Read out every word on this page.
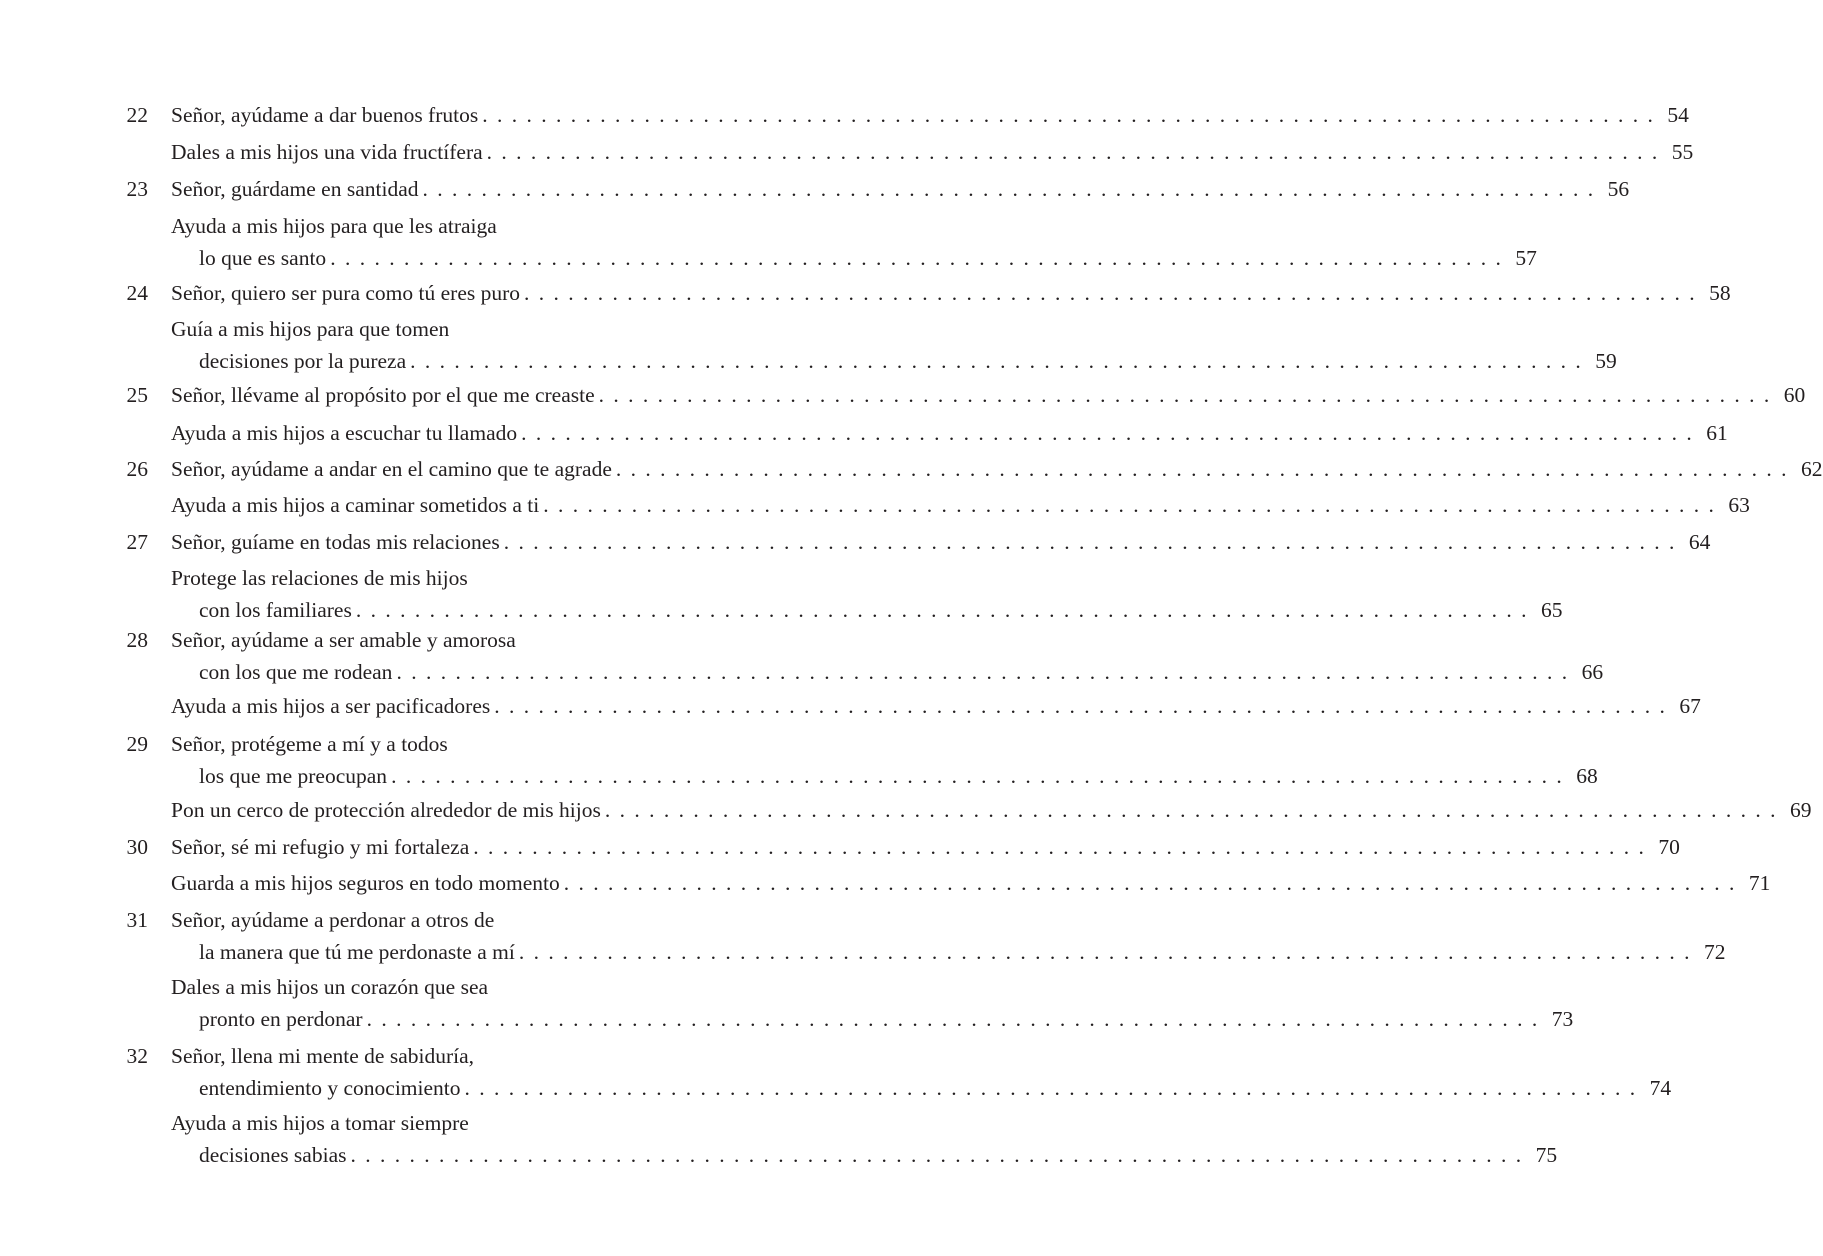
22 Señor, ayúdame a dar buenos frutos . . . . . . . . . . . . . . . . . . . . . . . . . . . . . . . . . . . . . . . . . . . . . . . . . . . . . . . . . . . . . . . . . . . . . . . . . . . . . . . . 54
Dales a mis hijos una vida fructífera . . . . . . . . . . . . . . . . . . . . . . . . . . . . . . . . . . . . . . . . . . . . . . . . . . . . . . . . . . . . . . . . . . . . . . . . . . . . . . . . 55
23 Señor, guárdame en santidad . . . . . . . . . . . . . . . . . . . . . . . . . . . . . . . . . . . . . . . . . . . . . . . . . . . . . . . . . . . . . . . . . . . . . . . . . . . . . . . . 56
Ayuda a mis hijos para que les atraiga
lo que es santo . . . . . . . . . . . . . . . . . . . . . . . . . . . . . . . . . . . . . . . . . . . . . . . . . . . . . . . . . . . . . . . . . . . . . . . . . . . . . . . . 57
24 Señor, quiero ser pura como tú eres puro . . . . . . . . . . . . . . . . . . . . . . . . . . . . . . . . . . . . . . . . . . . . . . . . . . . . . . . . . . . . . . . . . . . . . . . . . . . . . . . . 58
Guía a mis hijos para que tomen
decisiones por la pureza . . . . . . . . . . . . . . . . . . . . . . . . . . . . . . . . . . . . . . . . . . . . . . . . . . . . . . . . . . . . . . . . . . . . . . . . . . . . . . . . 59
25 Señor, llévame al propósito por el que me creaste . . . . . . . . . . . . . . . . . . . . . . . . . . . . . . . . . . . . . . . . . . . . . . . . . . . . . . . . . . . . . . . . . . . . . . . . . . . . . . . . 60
Ayuda a mis hijos a escuchar tu llamado . . . . . . . . . . . . . . . . . . . . . . . . . . . . . . . . . . . . . . . . . . . . . . . . . . . . . . . . . . . . . . . . . . . . . . . . . . . . . . . . 61
26 Señor, ayúdame a andar en el camino que te agrade . . . . . . . . . . . . . . . . . . . . . . . . . . . . . . . . . . . . . . . . . . . . . . . . . . . . . . . . . . . . . . . . . . . . . . . . . . . . . . . . 62
Ayuda a mis hijos a caminar sometidos a ti . . . . . . . . . . . . . . . . . . . . . . . . . . . . . . . . . . . . . . . . . . . . . . . . . . . . . . . . . . . . . . . . . . . . . . . . . . . . . . . . 63
27 Señor, guíame en todas mis relaciones . . . . . . . . . . . . . . . . . . . . . . . . . . . . . . . . . . . . . . . . . . . . . . . . . . . . . . . . . . . . . . . . . . . . . . . . . . . . . . . . 64
Protege las relaciones de mis hijos
con los familiares . . . . . . . . . . . . . . . . . . . . . . . . . . . . . . . . . . . . . . . . . . . . . . . . . . . . . . . . . . . . . . . . . . . . . . . . . . . . . . . . 65
28 Señor, ayúdame a ser amable y amorosa
con los que me rodean . . . . . . . . . . . . . . . . . . . . . . . . . . . . . . . . . . . . . . . . . . . . . . . . . . . . . . . . . . . . . . . . . . . . . . . . . . . . . . . . 66
Ayuda a mis hijos a ser pacificadores . . . . . . . . . . . . . . . . . . . . . . . . . . . . . . . . . . . . . . . . . . . . . . . . . . . . . . . . . . . . . . . . . . . . . . . . . . . . . . . . 67
29 Señor, protégeme a mí y a todos
los que me preocupan . . . . . . . . . . . . . . . . . . . . . . . . . . . . . . . . . . . . . . . . . . . . . . . . . . . . . . . . . . . . . . . . . . . . . . . . . . . . . . . . 68
Pon un cerco de protección alrededor de mis hijos . . . . . . . . . . . . . . . . . . . . . . . . . . . . . . . . . . . . . . . . . . . . . . . . . . . . . . . . . . . . . . . . . . . . . . . . . . . . . . . . 69
30 Señor, sé mi refugio y mi fortaleza . . . . . . . . . . . . . . . . . . . . . . . . . . . . . . . . . . . . . . . . . . . . . . . . . . . . . . . . . . . . . . . . . . . . . . . . . . . . . . . . 70
Guarda a mis hijos seguros en todo momento . . . . . . . . . . . . . . . . . . . . . . . . . . . . . . . . . . . . . . . . . . . . . . . . . . . . . . . . . . . . . . . . . . . . . . . . . . . . . . . . 71
31 Señor, ayúdame a perdonar a otros de
la manera que tú me perdonaste a mí . . . . . . . . . . . . . . . . . . . . . . . . . . . . . . . . . . . . . . . . . . . . . . . . . . . . . . . . . . . . . . . . . . . . . . . . . . . . . . . . 72
Dales a mis hijos un corazón que sea
pronto en perdonar . . . . . . . . . . . . . . . . . . . . . . . . . . . . . . . . . . . . . . . . . . . . . . . . . . . . . . . . . . . . . . . . . . . . . . . . . . . . . . . . 73
32 Señor, llena mi mente de sabiduría,
entendimiento y conocimiento . . . . . . . . . . . . . . . . . . . . . . . . . . . . . . . . . . . . . . . . . . . . . . . . . . . . . . . . . . . . . . . . . . . . . . . . . . . . . . . . 74
Ayuda a mis hijos a tomar siempre
decisiones sabias . . . . . . . . . . . . . . . . . . . . . . . . . . . . . . . . . . . . . . . . . . . . . . . . . . . . . . . . . . . . . . . . . . . . . . . . . . . . . . . . 75
